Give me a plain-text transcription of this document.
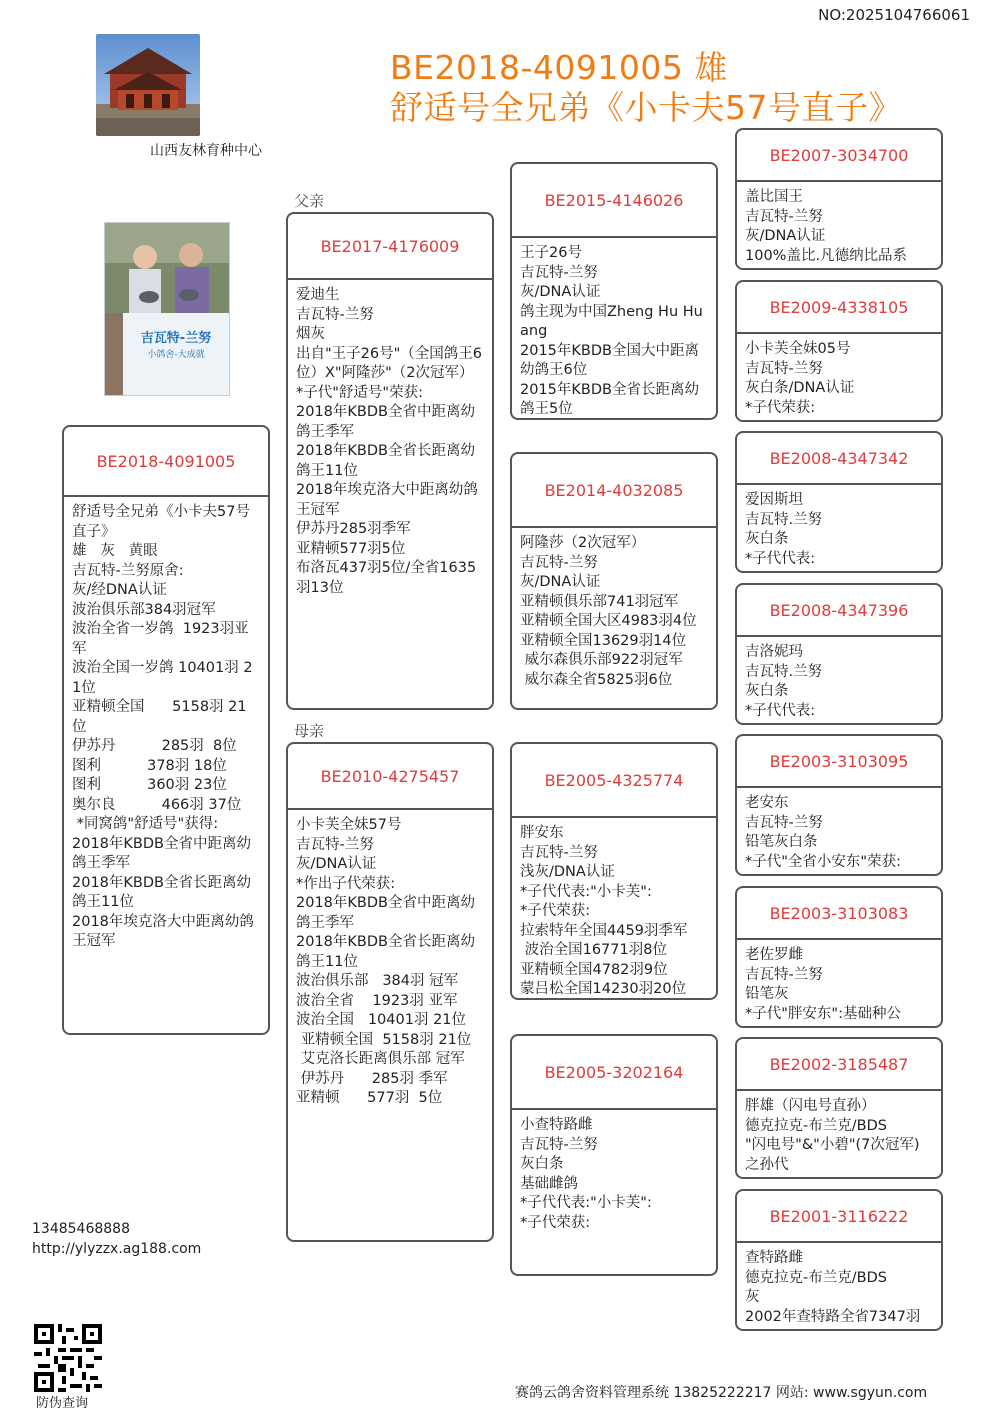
NO:2025104766061
BE2018-4091005 雄
舒适号全兄弟《小卡夫57号直子》
山西友林育种中心
吉瓦特-兰努
小鸽舍-大成就
父亲
母亲
BE2018-4091005
舒适号全兄弟《小卡夫57号直子》
雄   灰   黄眼
吉瓦特-兰努原舍:
灰/经DNA认证
波治俱乐部384羽冠军
波治全省一岁鸽  1923羽亚军
波治全国一岁鸽 10401羽 21位
亚精顿全国      5158羽 21位
伊苏丹          285羽  8位
图利          378羽 18位
图利          360羽 23位
奥尔良          466羽 37位
*同窝鸽"舒适号"获得:
2018年KBDB全省中距离幼鸽王季军
2018年KBDB全省长距离幼鸽王11位
2018年埃克洛大中距离幼鸽王冠军
BE2017-4176009
爱迪生
吉瓦特-兰努
烟灰
出自"王子26号"（全国鸽王6位）X"阿隆莎"（2次冠军）
*子代"舒适号"荣获:
2018年KBDB全省中距离幼鸽王季军
2018年KBDB全省长距离幼鸽王11位
2018年埃克洛大中距离幼鸽王冠军
伊苏丹285羽季军
亚精顿577羽5位
布洛瓦437羽5位/全省1635羽13位
BE2010-4275457
小卡芙全妹57号
吉瓦特-兰努
灰/DNA认证
*作出子代荣获:
2018年KBDB全省中距离幼鸽王季军
2018年KBDB全省长距离幼鸽王11位
波治俱乐部   384羽 冠军
波治全省    1923羽 亚军
波治全国   10401羽 21位
亚精顿全国  5158羽 21位
艾克洛长距离俱乐部 冠军
伊苏丹      285羽 季军
亚精顿      577羽  5位
BE2015-4146026
王子26号
吉瓦特-兰努
灰/DNA认证
鸽主现为中国Zheng Hu Huang
2015年KBDB全国大中距离幼鸽王6位
2015年KBDB全省长距离幼鸽王5位
BE2014-4032085
阿隆莎（2次冠军）
吉瓦特-兰努
灰/DNA认证
亚精顿俱乐部741羽冠军
亚精顿全国大区4983羽4位
亚精顿全国13629羽14位
威尔森俱乐部922羽冠军
威尔森全省5825羽6位
BE2005-4325774
胖安东
吉瓦特-兰努
浅灰/DNA认证
*子代代表:"小卡芙":
*子代荣获:
拉索特年全国4459羽季军
波治全国16771羽8位
亚精顿全国4782羽9位
蒙吕松全国14230羽20位
BE2005-3202164
小查特路雌
吉瓦特-兰努
灰白条
基础雌鸽
*子代代表:"小卡芙":
*子代荣获:
BE2007-3034700
盖比国王
吉瓦特-兰努
灰/DNA认证
100%盖比.凡德纳比品系
BE2009-4338105
小卡芙全妹05号
吉瓦特-兰努
灰白条/DNA认证
*子代荣获:
BE2008-4347342
爱因斯坦
吉瓦特.兰努
灰白条
*子代代表:
BE2008-4347396
吉洛妮玛
吉瓦特.兰努
灰白条
*子代代表:
BE2003-3103095
老安东
吉瓦特-兰努
铅笔灰白条
*子代"全省小安东"荣获:
BE2003-3103083
老佐罗雌
吉瓦特-兰努
铅笔灰
*子代"胖安东":基础种公
BE2002-3185487
胖雄（闪电号直孙）
德克拉克-布兰克/BDS
"闪电号"&"小碧"(7次冠军)之孙代
BE2001-3116222
查特路雌
德克拉克-布兰克/BDS
灰
2002年查特路全省7347羽
13485468888
http://ylyzzx.ag188.com
防伪查询
赛鸽云鸽舍资料管理系统 13825222217 网站: www.sgyun.com
